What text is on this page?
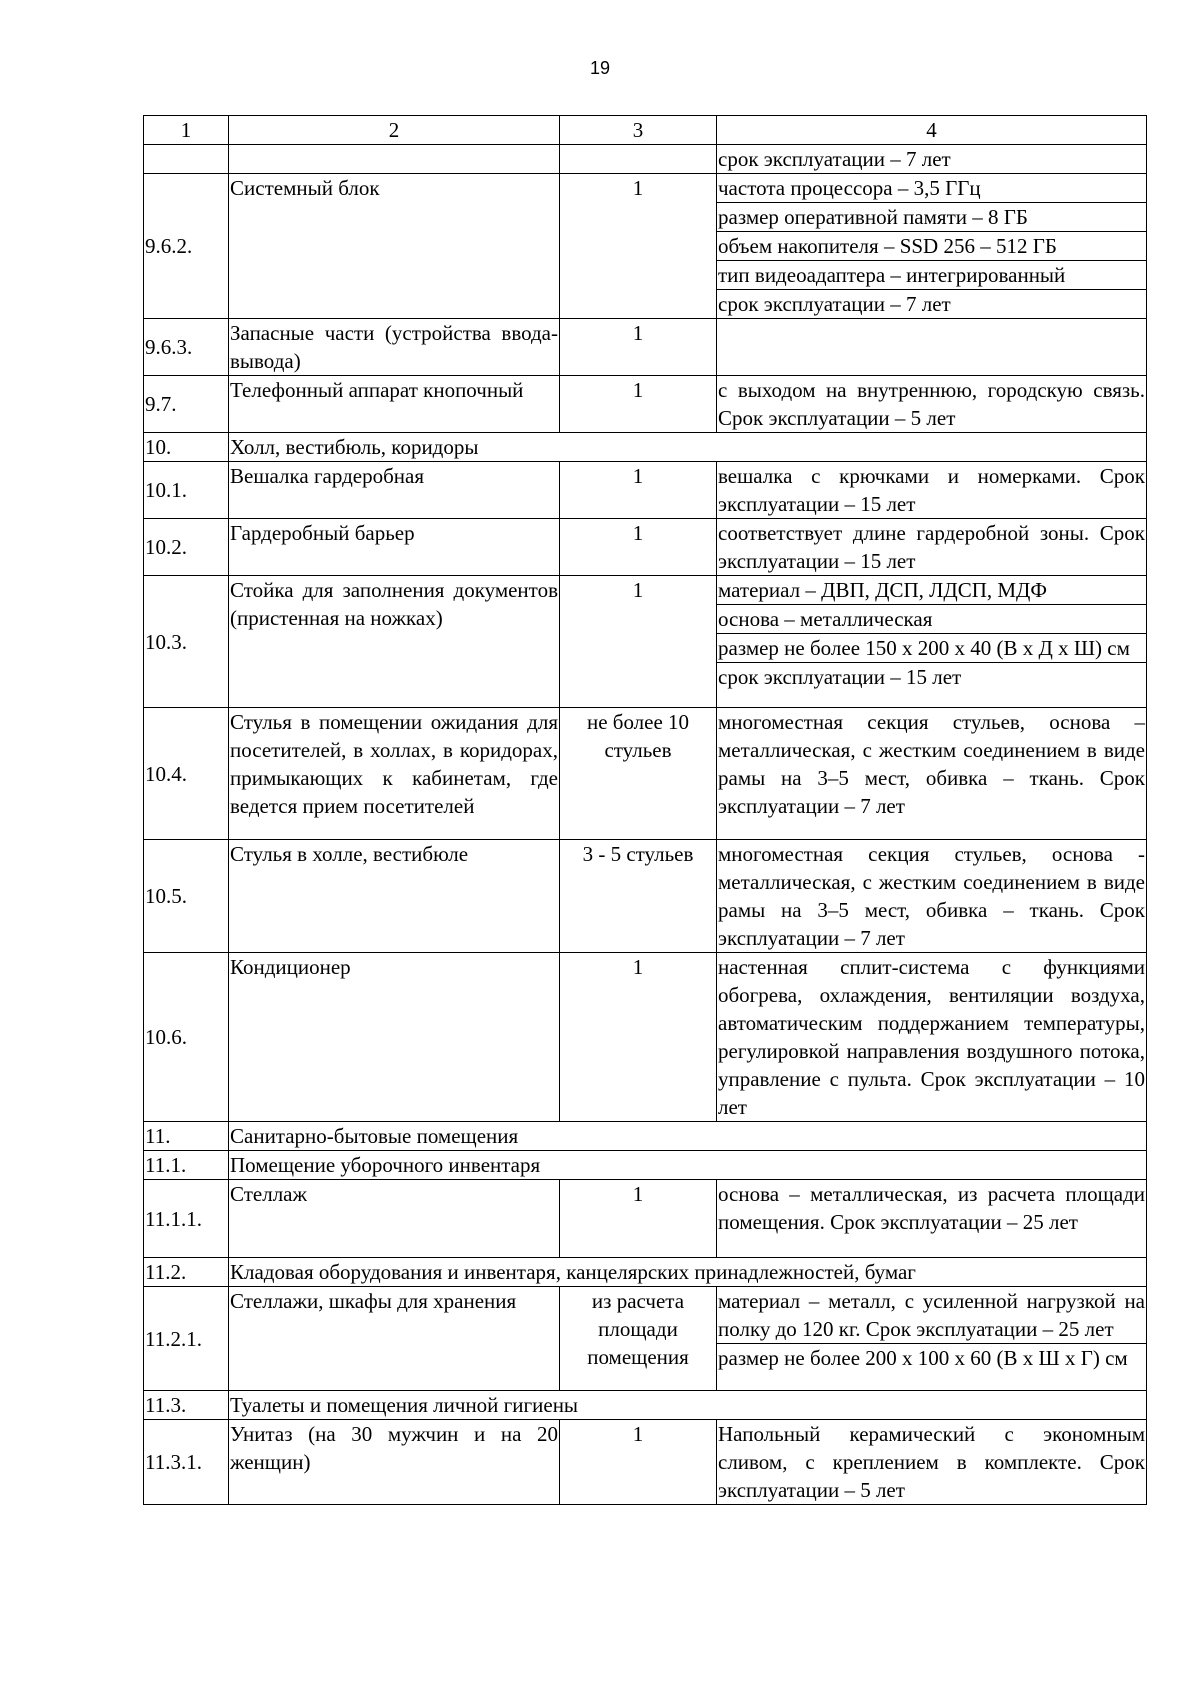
19
1	2	3	4

			срок эксплуатации – 7 лет

9.6.2.	Системный блок	1	частота процессора – 3,5 ГГц
размер оперативной памяти – 8 ГБ
объем накопителя – SSD 256 – 512 ГБ
тип видеоадаптера – интегрированный
срок эксплуатации – 7 лет

9.6.3.	Запасные части (устройства ввода-вывода)	1	

9.7.	Телефонный аппарат кнопочный	1	с выходом на внутреннюю, городскую связь. Срок эксплуатации – 5 лет

10.	Холл, вестибюль, коридоры		
10.1.	Вешалка гардеробная	1	вешалка с крючками и номерками. Срок эксплуатации – 15 лет

10.2.	Гардеробный барьер	1	соответствует длине гардеробной зоны. Срок эксплуатации – 15 лет

10.3.	Стойка для заполнения документов (пристенная на ножках)	1	материал – ДВП, ДСП, ЛДСП, МДФ
основа – металлическая
размер не более 150 х 200 х 40 (В х Д х Ш) см
срок эксплуатации – 15 лет

10.4.	Стулья в помещении ожидания для посетителей, в холлах, в коридорах, примыкающих к кабинетам, где ведется прием посетителей	не более 10 стульев	многоместная секция стульев, основа – металлическая, с жестким соединением в виде рамы на 3–5 мест, обивка – ткань. Срок эксплуатации – 7 лет

10.5.	Стулья в холле, вестибюле	3 - 5 стульев	многоместная секция стульев, основа - металлическая, с жестким соединением в виде рамы на 3–5 мест, обивка – ткань. Срок эксплуатации – 7 лет

10.6.	Кондиционер	1	настенная сплит-система с функциями обогрева, охлаждения, вентиляции воздуха, автоматическим поддержанием температуры, регулировкой направления воздушного потока, управление с пульта. Срок эксплуатации – 10 лет

11.	Санитарно-бытовые помещения		
11.1.	Помещение уборочного инвентаря		
11.1.1.	Стеллаж	1	основа – металлическая, из расчета площади помещения. Срок эксплуатации – 25 лет

11.2.	Кладовая оборудования и инвентаря, канцелярских принадлежностей, бумаг		
11.2.1.	Стеллажи, шкафы для хранения	из расчета площади помещения	материал – металл, с усиленной нагрузкой на полку до 120 кг. Срок эксплуатации – 25 лет
размер не более 200 х 100 х 60 (В х Ш х Г) см

11.3.	Туалеты и помещения личной гигиены		
11.3.1.	Унитаз (на 30 мужчин и на 20 женщин)	1	Напольный керамический с экономным сливом, с креплением в комплекте. Срок эксплуатации – 5 лет
